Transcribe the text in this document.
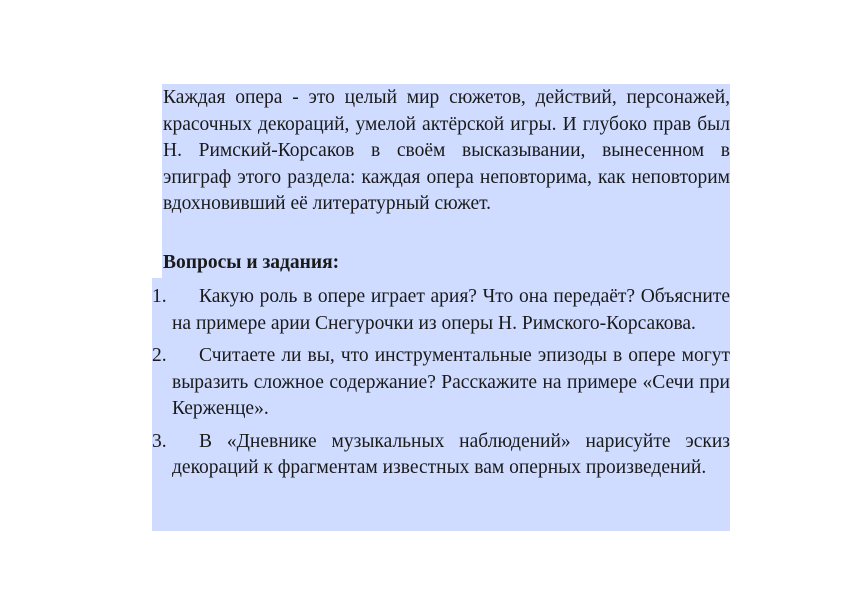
Каждая опера - это целый мир сюжетов, действий, персонажей, красочных декораций, умелой актёрской игры. И глубоко прав был Н. Римский-Корсаков в своём высказывании, вынесенном в эпиграф этого раздела: каждая опера неповторима, как неповторим вдохновивший её литературный сюжет.

Вопросы и задания:

1. Какую роль в опере играет ария? Что она передаёт? Объясните на примере арии Снегурочки из оперы Н. Римского-Корсакова.
2. Считаете ли вы, что инструментальные эпизоды в опере могут выразить сложное содержание? Расскажите на примере «Сечи при Керженце».
3. В «Дневнике музыкальных наблюдений» нарисуйте эскиз декораций к фрагментам известных вам оперных произведений.
